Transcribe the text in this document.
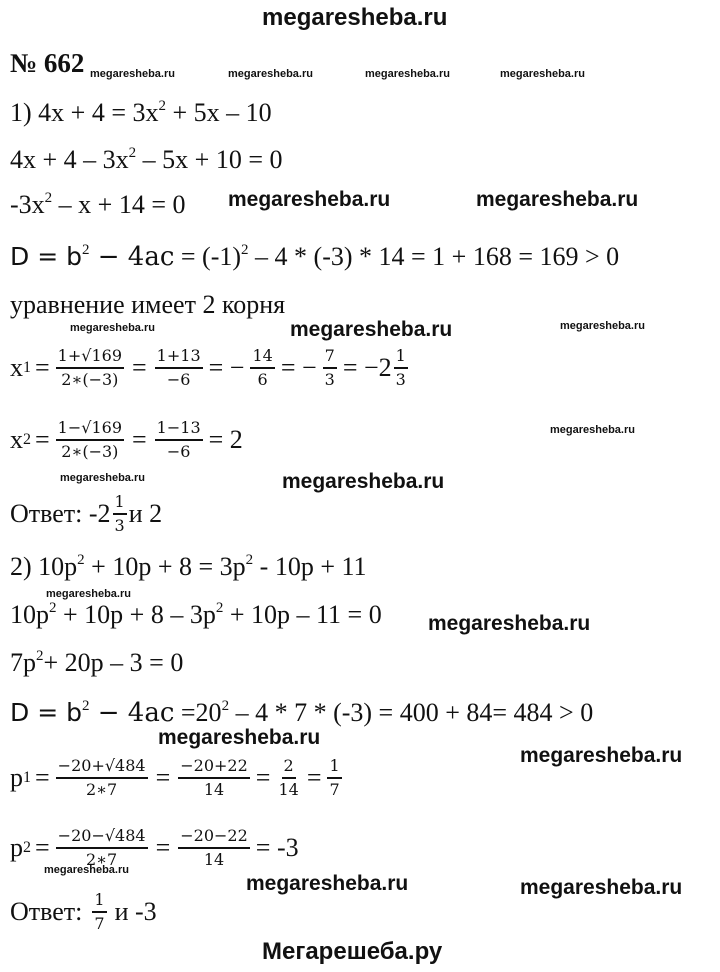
megaresheba.ru
№ 662 megaresheba.ru	megaresheba.ru	megaresheba.ru	megaresheba.ru
1) $4x + 4 = 3x^2 + 5x - 10$
$4x + 4 - 3x^2 - 5x + 10 = 0$
$-3x^2 - x + 14 = 0$ megaresheba.ru	megaresheba.ru
$D = b^2 - 4ac = (-1)^2 - 4 * (-3) * 14 = 1 + 168 = 169 > 0$
уравнение имеет 2 корня
megaresheba.ru	megaresheba.ru	megaresheba.ru
x $1 = \frac{1+√169}{2∗(-3)} = \frac{1+13}{-6}$ = − $\frac{14}{6}$ = − $\frac{7}{3} = -2 \frac{1}{3}$
x $2 = \frac{1-√169}{2∗(-3)} = \frac{1-13}{-6} = 2$	megaresheba.ru
megaresheba.ru	megaresheba.ru
Ответ: $-2 \frac{1}{3}$ и 2
2) $10p^2 + 10p + 8 = 3p^2 - 10p + 11$
megaresheba.ru
$10p^2 + 10p + 8 - 3p^2 + 10p - 11 = 0$ megaresheba.ru
$7p^2+ 20p - 3 = 0$
$D = b^2 - 4ac =20^2 - 4 * 7 * (-3) = 400 + 84= 484 > 0$
megaresheba.ru
megaresheba.ru
p $1 = \frac{-20+√484}{2∗7} = \frac{-20+22}{14} = \frac{2}{14} = \frac{1}{7}$
p $2 = \frac{-20-√484}{2∗7} = \frac{-20-22}{14} = -3$
megaresheba.ru
megaresheba.ru	megaresheba.ru
Ответ: $\frac{1}{7}$ и -3
Мегарешеба.ру
